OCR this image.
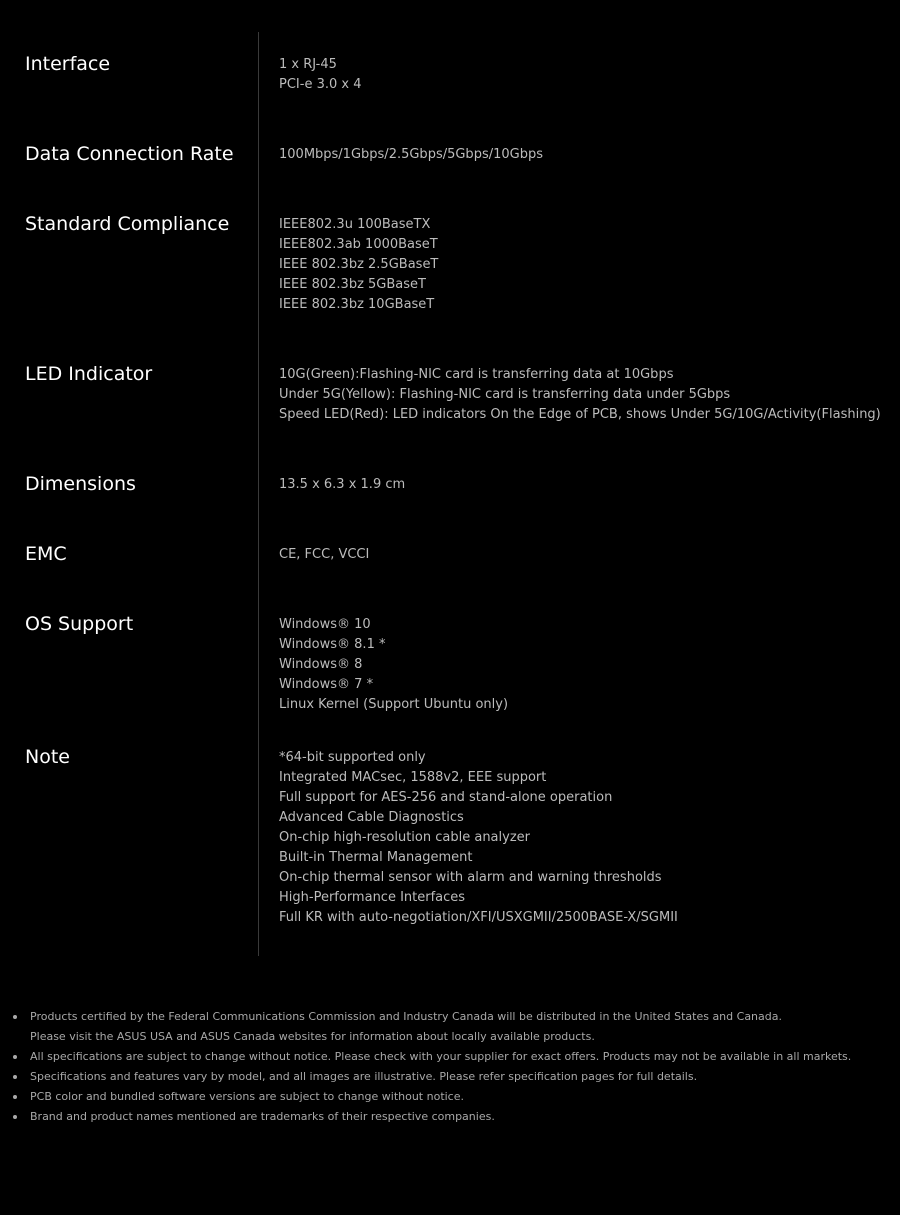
Interface	1 x RJ-45
PCI-e 3.0 x 4
Data Connection Rate	100Mbps/1Gbps/2.5Gbps/5Gbps/10Gbps
Standard Compliance	IEEE802.3u 100BaseTX
IEEE802.3ab 1000BaseT
IEEE 802.3bz 2.5GBaseT
IEEE 802.3bz 5GBaseT
IEEE 802.3bz 10GBaseT
LED Indicator	10G(Green):Flashing-NIC card is transferring data at 10Gbps
Under 5G(Yellow): Flashing-NIC card is transferring data under 5Gbps
Speed LED(Red): LED indicators On the Edge of PCB, shows Under 5G/10G/Activity(Flashing)
Dimensions	13.5 x 6.3 x 1.9 cm
EMC	CE, FCC, VCCI
OS Support	Windows® 10
Windows® 8.1 *
Windows® 8
Windows® 7 *
Linux Kernel (Support Ubuntu only)
Note	*64-bit supported only
Integrated MACsec, 1588v2, EEE support
Full support for AES-256 and stand-alone operation
Advanced Cable Diagnostics
On-chip high-resolution cable analyzer
Built-in Thermal Management
On-chip thermal sensor with alarm and warning thresholds
High-Performance Interfaces
Full KR with auto-negotiation/XFI/USXGMII/2500BASE-X/SGMII
Products certified by the Federal Communications Commission and Industry Canada will be distributed in the United States and Canada.
Please visit the ASUS USA and ASUS Canada websites for information about locally available products.
All specifications are subject to change without notice. Please check with your supplier for exact offers. Products may not be available in all markets.
Specifications and features vary by model, and all images are illustrative. Please refer specification pages for full details.
PCB color and bundled software versions are subject to change without notice.
Brand and product names mentioned are trademarks of their respective companies.
